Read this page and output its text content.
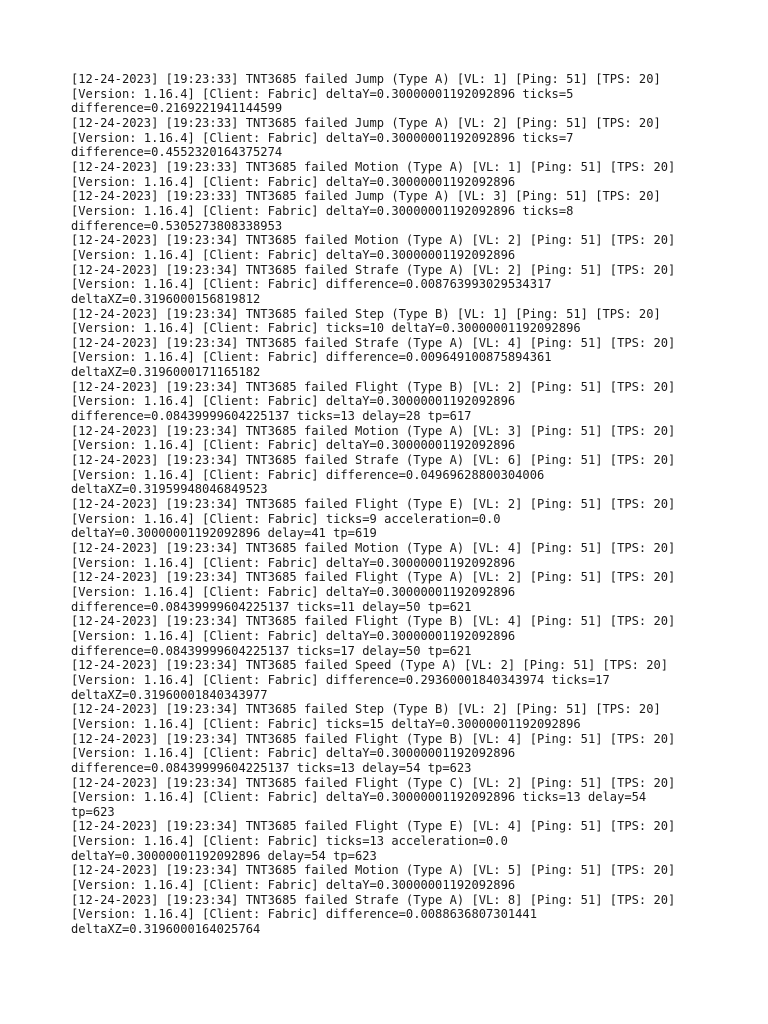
[12-24-2023] [19:23:33] TNT3685 failed Jump (Type A) [VL: 1] [Ping: 51] [TPS: 20]
[Version: 1.16.4] [Client: Fabric] deltaY=0.30000001192092896 ticks=5
difference=0.2169221941144599
[12-24-2023] [19:23:33] TNT3685 failed Jump (Type A) [VL: 2] [Ping: 51] [TPS: 20]
[Version: 1.16.4] [Client: Fabric] deltaY=0.30000001192092896 ticks=7
difference=0.4552320164375274
[12-24-2023] [19:23:33] TNT3685 failed Motion (Type A) [VL: 1] [Ping: 51] [TPS: 20]
[Version: 1.16.4] [Client: Fabric] deltaY=0.30000001192092896
[12-24-2023] [19:23:33] TNT3685 failed Jump (Type A) [VL: 3] [Ping: 51] [TPS: 20]
[Version: 1.16.4] [Client: Fabric] deltaY=0.30000001192092896 ticks=8
difference=0.5305273808338953
[12-24-2023] [19:23:34] TNT3685 failed Motion (Type A) [VL: 2] [Ping: 51] [TPS: 20]
[Version: 1.16.4] [Client: Fabric] deltaY=0.30000001192092896
[12-24-2023] [19:23:34] TNT3685 failed Strafe (Type A) [VL: 2] [Ping: 51] [TPS: 20]
[Version: 1.16.4] [Client: Fabric] difference=0.008763993029534317
deltaXZ=0.3196000156819812
[12-24-2023] [19:23:34] TNT3685 failed Step (Type B) [VL: 1] [Ping: 51] [TPS: 20]
[Version: 1.16.4] [Client: Fabric] ticks=10 deltaY=0.30000001192092896
[12-24-2023] [19:23:34] TNT3685 failed Strafe (Type A) [VL: 4] [Ping: 51] [TPS: 20]
[Version: 1.16.4] [Client: Fabric] difference=0.009649100875894361
deltaXZ=0.3196000171165182
[12-24-2023] [19:23:34] TNT3685 failed Flight (Type B) [VL: 2] [Ping: 51] [TPS: 20]
[Version: 1.16.4] [Client: Fabric] deltaY=0.30000001192092896
difference=0.08439999604225137 ticks=13 delay=28 tp=617
[12-24-2023] [19:23:34] TNT3685 failed Motion (Type A) [VL: 3] [Ping: 51] [TPS: 20]
[Version: 1.16.4] [Client: Fabric] deltaY=0.30000001192092896
[12-24-2023] [19:23:34] TNT3685 failed Strafe (Type A) [VL: 6] [Ping: 51] [TPS: 20]
[Version: 1.16.4] [Client: Fabric] difference=0.04969628800304006
deltaXZ=0.31959948046849523
[12-24-2023] [19:23:34] TNT3685 failed Flight (Type E) [VL: 2] [Ping: 51] [TPS: 20]
[Version: 1.16.4] [Client: Fabric] ticks=9 acceleration=0.0
deltaY=0.30000001192092896 delay=41 tp=619
[12-24-2023] [19:23:34] TNT3685 failed Motion (Type A) [VL: 4] [Ping: 51] [TPS: 20]
[Version: 1.16.4] [Client: Fabric] deltaY=0.30000001192092896
[12-24-2023] [19:23:34] TNT3685 failed Flight (Type A) [VL: 2] [Ping: 51] [TPS: 20]
[Version: 1.16.4] [Client: Fabric] deltaY=0.30000001192092896
difference=0.08439999604225137 ticks=11 delay=50 tp=621
[12-24-2023] [19:23:34] TNT3685 failed Flight (Type B) [VL: 4] [Ping: 51] [TPS: 20]
[Version: 1.16.4] [Client: Fabric] deltaY=0.30000001192092896
difference=0.08439999604225137 ticks=17 delay=50 tp=621
[12-24-2023] [19:23:34] TNT3685 failed Speed (Type A) [VL: 2] [Ping: 51] [TPS: 20]
[Version: 1.16.4] [Client: Fabric] difference=0.29360001840343974 ticks=17
deltaXZ=0.31960001840343977
[12-24-2023] [19:23:34] TNT3685 failed Step (Type B) [VL: 2] [Ping: 51] [TPS: 20]
[Version: 1.16.4] [Client: Fabric] ticks=15 deltaY=0.30000001192092896
[12-24-2023] [19:23:34] TNT3685 failed Flight (Type B) [VL: 4] [Ping: 51] [TPS: 20]
[Version: 1.16.4] [Client: Fabric] deltaY=0.30000001192092896
difference=0.08439999604225137 ticks=13 delay=54 tp=623
[12-24-2023] [19:23:34] TNT3685 failed Flight (Type C) [VL: 2] [Ping: 51] [TPS: 20]
[Version: 1.16.4] [Client: Fabric] deltaY=0.30000001192092896 ticks=13 delay=54
tp=623
[12-24-2023] [19:23:34] TNT3685 failed Flight (Type E) [VL: 4] [Ping: 51] [TPS: 20]
[Version: 1.16.4] [Client: Fabric] ticks=13 acceleration=0.0
deltaY=0.30000001192092896 delay=54 tp=623
[12-24-2023] [19:23:34] TNT3685 failed Motion (Type A) [VL: 5] [Ping: 51] [TPS: 20]
[Version: 1.16.4] [Client: Fabric] deltaY=0.30000001192092896
[12-24-2023] [19:23:34] TNT3685 failed Strafe (Type A) [VL: 8] [Ping: 51] [TPS: 20]
[Version: 1.16.4] [Client: Fabric] difference=0.0088636807301441
deltaXZ=0.3196000164025764
